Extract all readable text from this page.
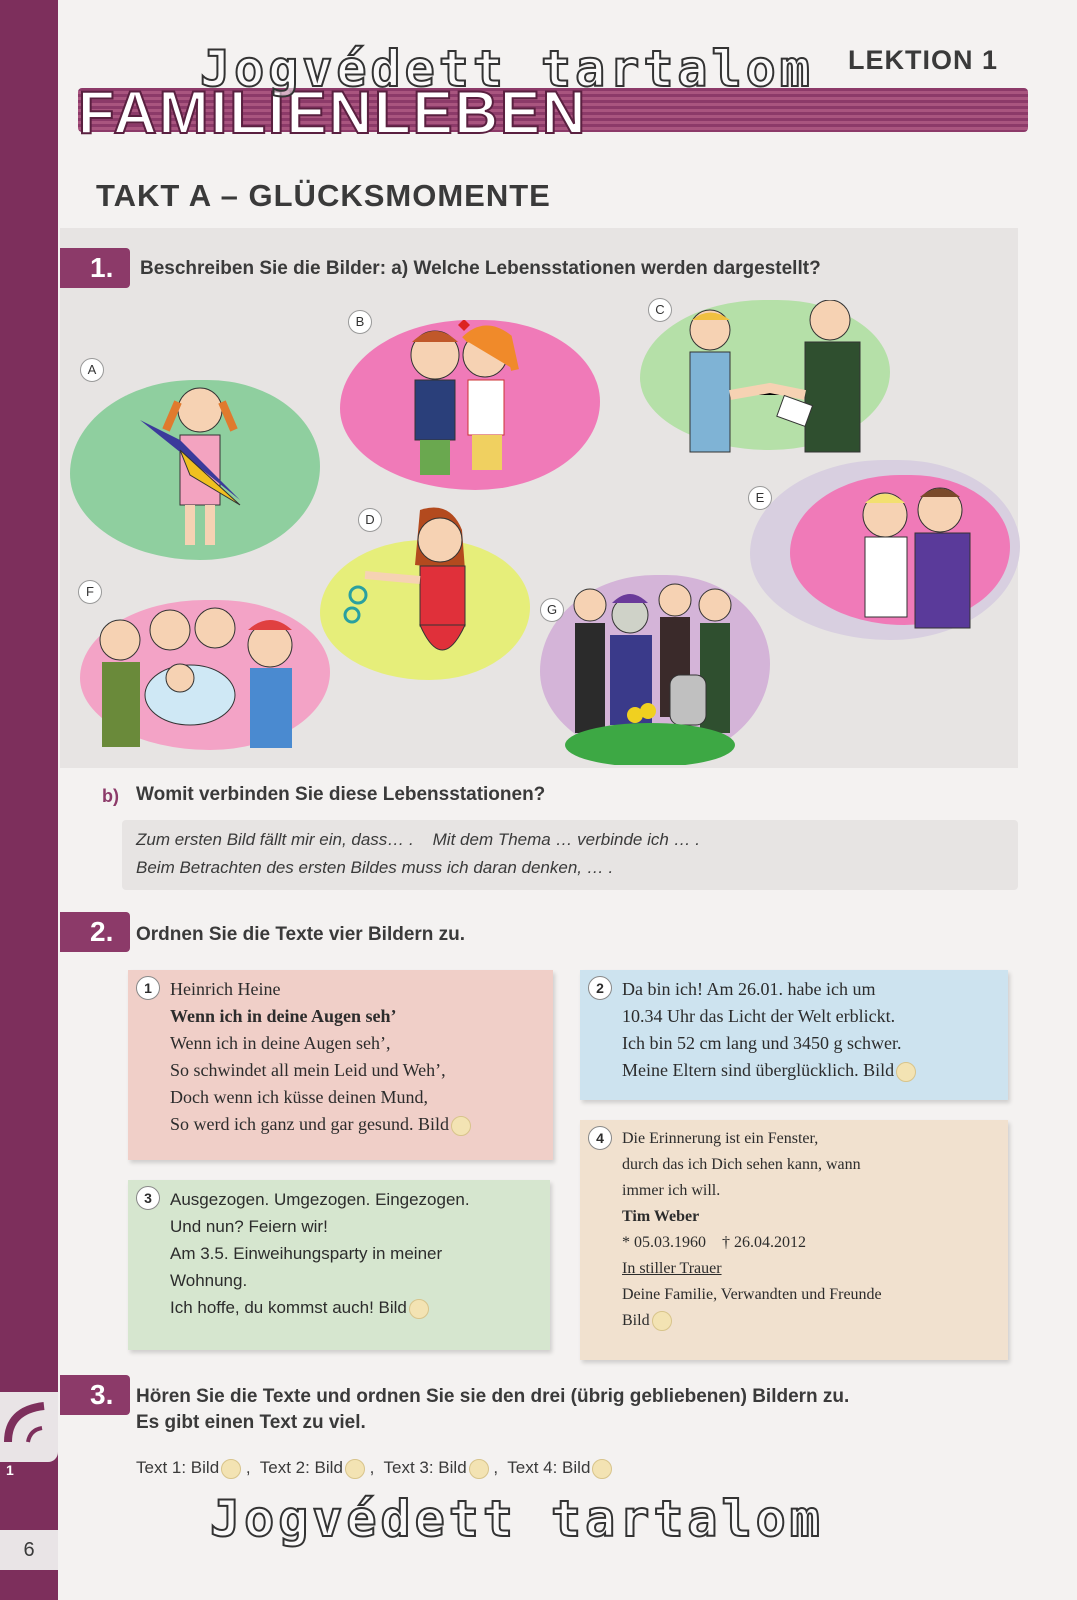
1
6
FAMILIENLEBEN
LEKTION 1
Jogvédett tartalom
TAKT A – GLÜCKSMOMENTE
1.	Beschreiben Sie die Bilder: a) Welche Lebensstationen werden dargestellt?
A
B
C
D
E
F
G
b) Womit verbinden Sie diese Lebensstationen?
Zum ersten Bild fällt mir ein, dass… .    Mit dem Thema … verbinde ich … .
Beim Betrachten des ersten Bildes muss ich daran denken, … .
2.	Ordnen Sie die Texte vier Bildern zu.
1	Heinrich Heine
Wenn ich in deine Augen seh’
Wenn ich in deine Augen seh’,
So schwindet all mein Leid und Weh’,
Doch wenn ich küsse deinen Mund,
So werd ich ganz und gar gesund. Bild
2	Da bin ich! Am 26.01. habe ich um
10.34 Uhr das Licht der Welt erblickt.
Ich bin 52 cm lang und 3450 g schwer.
Meine Eltern sind überglücklich. Bild
3	Ausgezogen. Umgezogen. Eingezogen.
Und nun? Feiern wir!
Am 3.5. Einweihungsparty in meiner
Wohnung.
Ich hoffe, du kommst auch! Bild
4	Die Erinnerung ist ein Fenster,
durch das ich Dich sehen kann, wann
immer ich will.
Tim Weber
* 05.03.1960    † 26.04.2012
In stiller Trauer
Deine Familie, Verwandten und Freunde
Bild
3.	Hören Sie die Texte und ordnen Sie sie den drei (übrig gebliebenen) Bildern zu.
Es gibt einen Text zu viel.
Text 1: Bild ,  Text 2: Bild ,  Text 3: Bild ,  Text 4: Bild
Jogvédett tartalom
